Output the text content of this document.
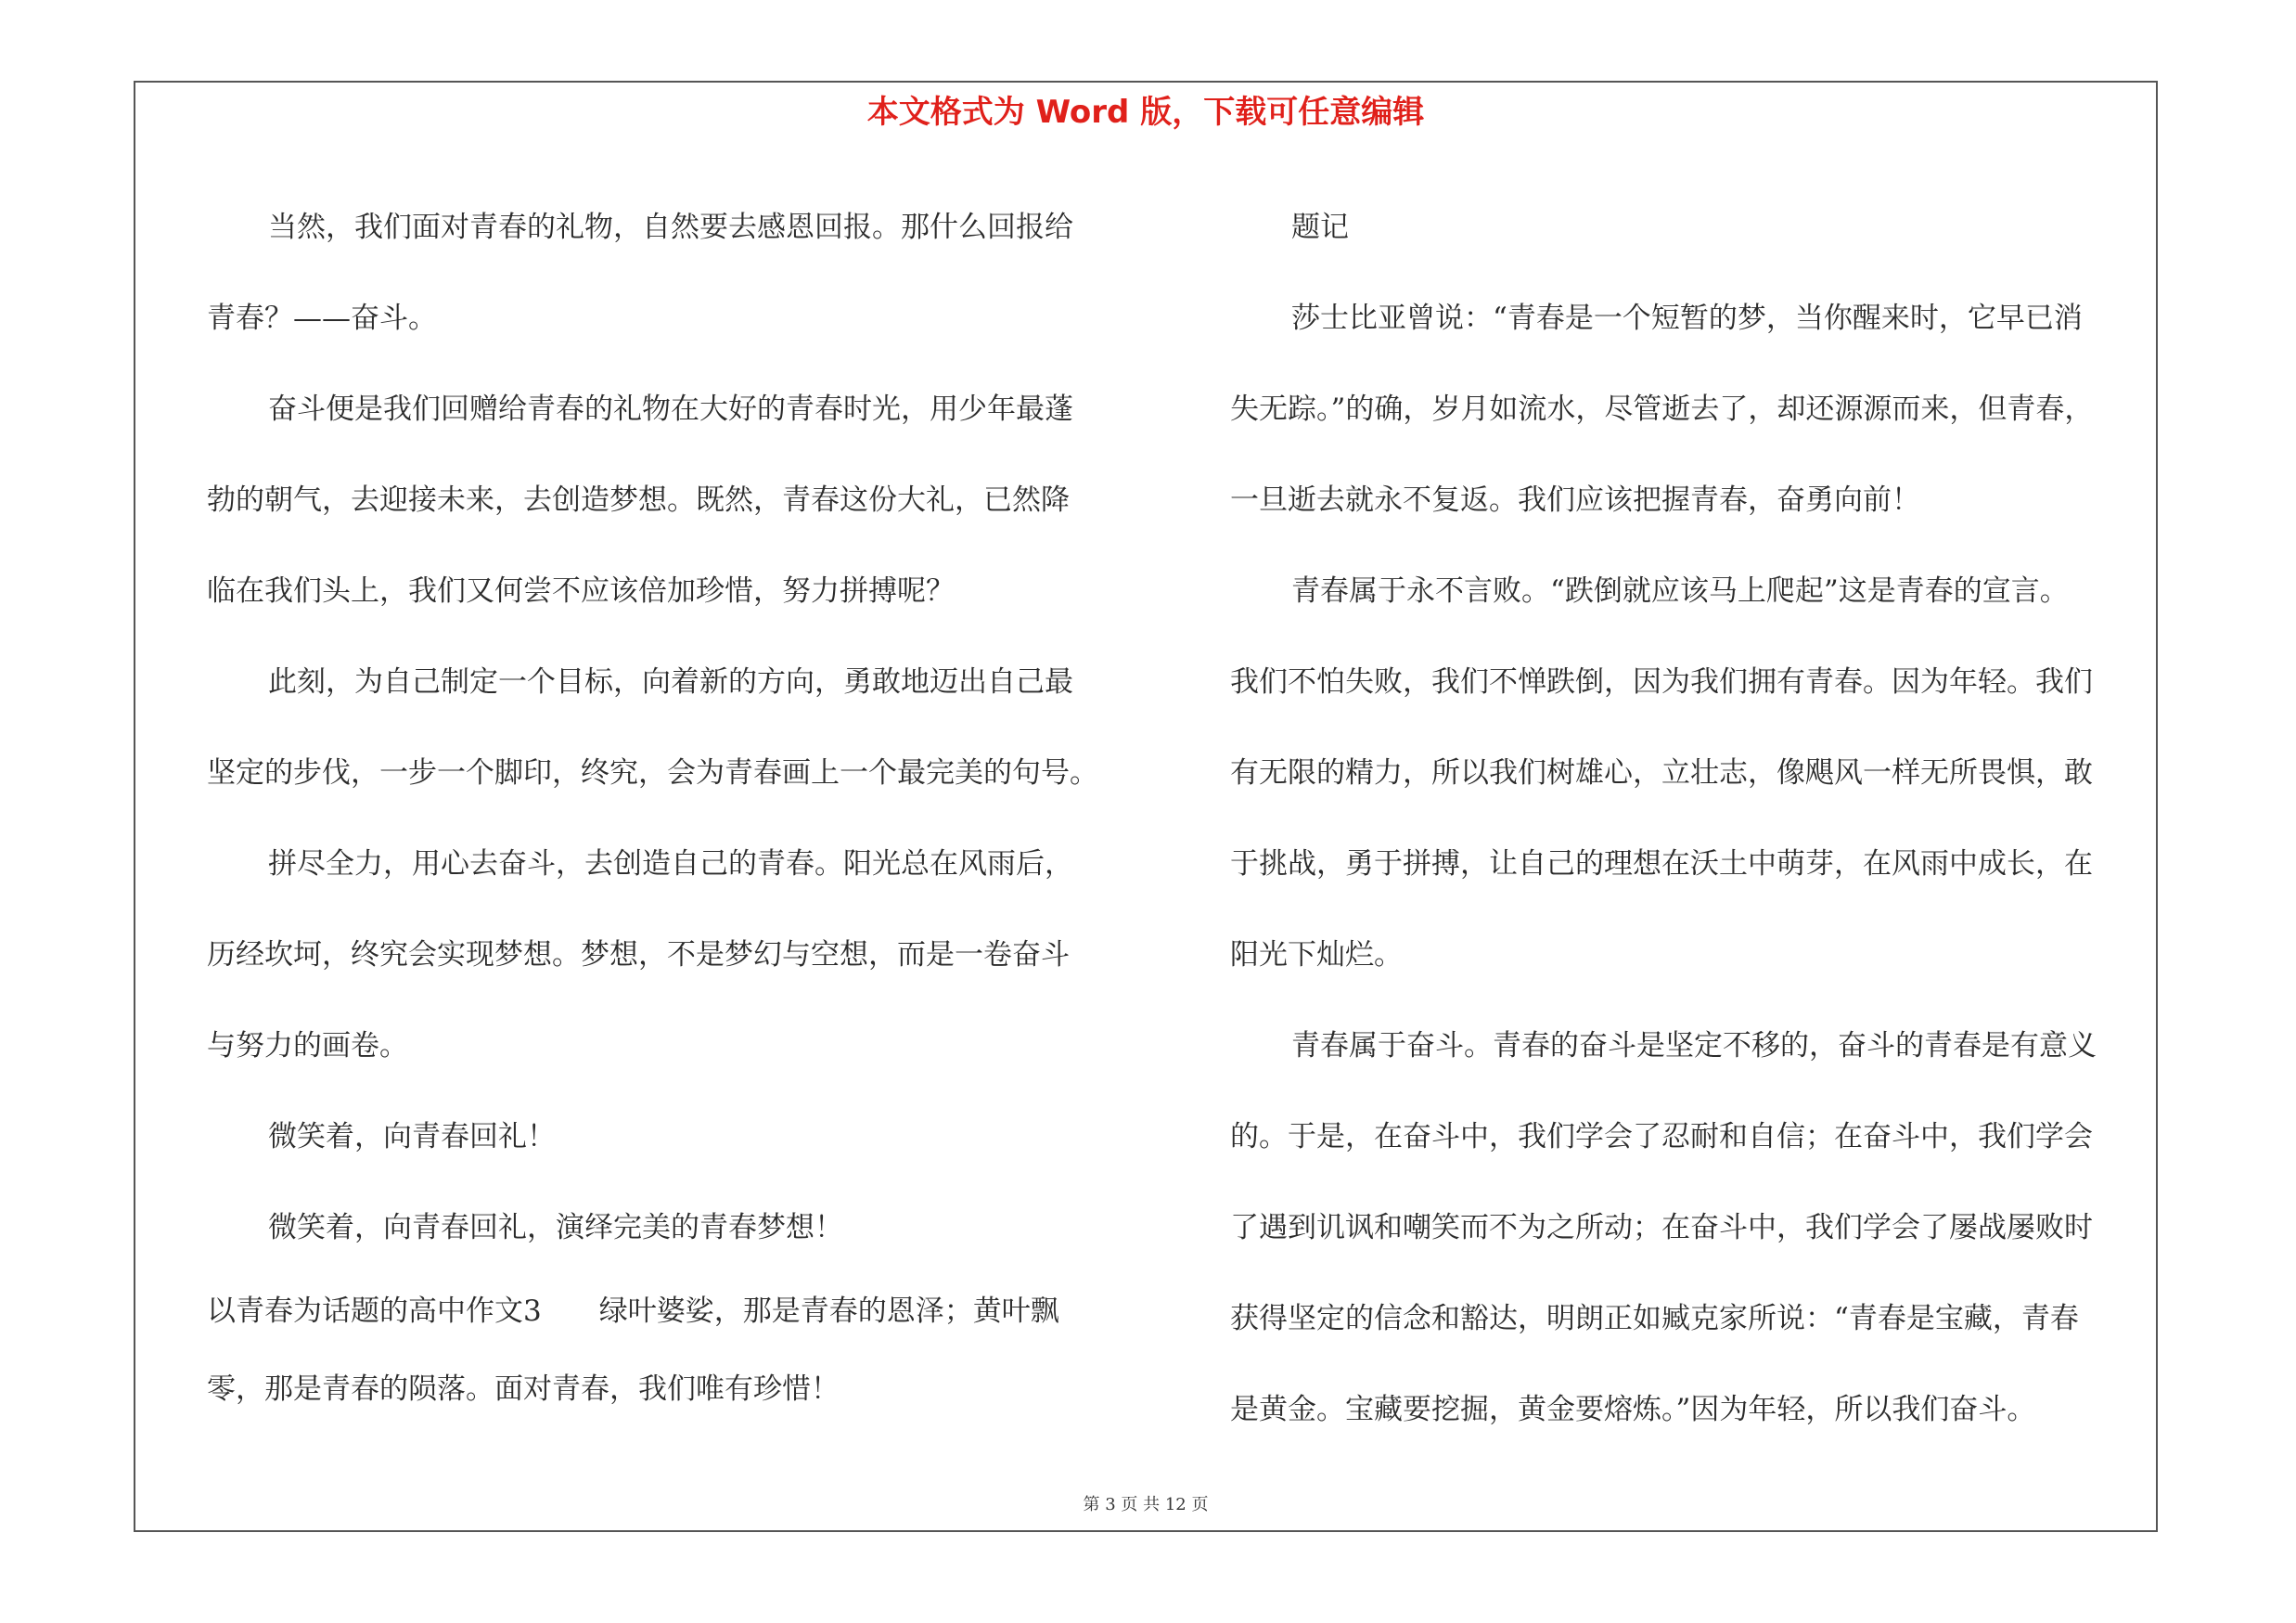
本文格式为 Word 版，下载可任意编辑

当然，我们面对青春的礼物，自然要去感恩回报。那什么回报给

青春？——奋斗。

奋斗便是我们回赠给青春的礼物在大好的青春时光，用少年最蓬

勃的朝气，去迎接未来，去创造梦想。既然，青春这份大礼，已然降

临在我们头上，我们又何尝不应该倍加珍惜，努力拼搏呢？

此刻，为自己制定一个目标，向着新的方向，勇敢地迈出自己最

坚定的步伐，一步一个脚印，终究，会为青春画上一个最完美的句号。

拼尽全力，用心去奋斗，去创造自己的青春。阳光总在风雨后，

历经坎坷，终究会实现梦想。梦想，不是梦幻与空想，而是一卷奋斗

与努力的画卷。

微笑着，向青春回礼！

微笑着，向青春回礼，演绎完美的青春梦想！

以青春为话题的高中作文3　　绿叶婆娑，那是青春的恩泽；黄叶飘

零，那是青春的陨落。面对青春，我们唯有珍惜！

题记

莎士比亚曾说：“青春是一个短暂的梦，当你醒来时，它早已消

失无踪。”的确，岁月如流水，尽管逝去了，却还源源而来，但青春，

一旦逝去就永不复返。我们应该把握青春，奋勇向前！

青春属于永不言败。“跌倒就应该马上爬起”这是青春的宣言。

我们不怕失败，我们不惮跌倒，因为我们拥有青春。因为年轻。我们

有无限的精力，所以我们树雄心，立壮志，像飓风一样无所畏惧，敢

于挑战，勇于拼搏，让自己的理想在沃土中萌芽，在风雨中成长，在

阳光下灿烂。

青春属于奋斗。青春的奋斗是坚定不移的，奋斗的青春是有意义

的。于是，在奋斗中，我们学会了忍耐和自信；在奋斗中，我们学会

了遇到讥讽和嘲笑而不为之所动；在奋斗中，我们学会了屡战屡败时

获得坚定的信念和豁达，明朗正如臧克家所说：“青春是宝藏，青春

是黄金。宝藏要挖掘，黄金要熔炼。”因为年轻，所以我们奋斗。

第 3 页 共 12 页
